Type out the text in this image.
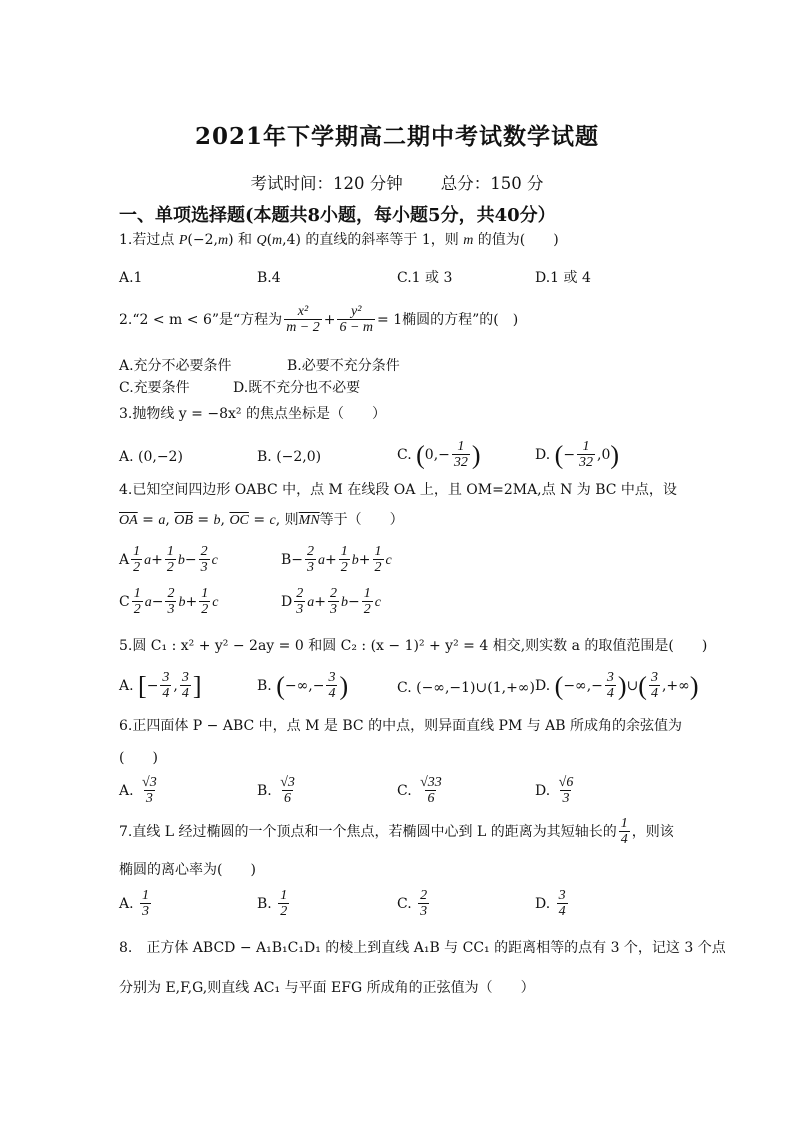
2021年下学期高二期中考试数学试题
考试时间：120 分钟 总分：150 分
一、单项选择题(本题共8小题，每小题5分，共40分）
1.若过点 P(−2,m) 和 Q(m,4) 的直线的斜率等于 1，则 m 的值为(　　)
A.1	B.4	C.1 或 3	D.1 或 4
2.“2 < m < 6”是“方程为 $\frac{\text{x²}}{m - 2} + \frac{\text{y²}}{6 - m} = 1$椭圆的方程”的(　)
A.充分不必要条件	B.必要不充分条件
C.充要条件	D.既不充分也不必要
3.抛物线 y = −8x² 的焦点坐标是（　　）
A. (0,−2)	B. (−2,0)	C. ($0,- \frac{1}{32}$ )	D. (− $\frac{1}{32} ,0$)
4.已知空间四边形 OABC 中，点 M 在线段 OA 上，且 OM=2MA,点 N 为 BC 中点，设
$\overline{OA} = a$, $\overline{OB} = b$, $\overline{OC} = c$, 则$\overline{MN}$等于（　　）
A $\frac{1}{2} a+ \frac{1}{2} b- \frac{2}{3}$ c	$B- \frac{2}{3} a+ \frac{1}{2} b+ \frac{1}{2}$ c
C $\frac{1}{2} a- \frac{2}{3} b+ \frac{1}{2}$ c	D $\frac{2}{3} a+ \frac{2}{3} b- \frac{1}{2}$ c
5.圆 C₁ : x² + y² − 2ay = 0 和圆 C₂ : (x − 1)² + y² = 4 相交,则实数 a 的取值范围是(　　)
A. [− $\frac{3}{4}$ , $\frac{3}{4}$ ]	B. (−∞,− $\frac{3}{4}$ )	C. (−∞,−1)∪(1,+∞) D. (−∞,− $\frac{3}{4}$ )∪( $\frac{3}{4}$ ,+∞)
6.正四面体 P − ABC 中，点 M 是 BC 的中点，则异面直线 PM 与 AB 所成角的余弦值为
(　　)
A. $\frac{√3}{3}$	B. $\frac{√3}{6}$	C. $\frac{√33}{6}$	D. $\frac{√6}{3}$
7.直线 L 经过椭圆的一个顶点和一个焦点，若椭圆中心到 L 的距离为其短轴长的 $\frac{1}{4}$ ，则该
椭圆的离心率为(　　)
A. $\frac{1}{3}$	B. $\frac{1}{2}$	C. $\frac{2}{3}$	D. $\frac{3}{4}$
8.　正方体 ABCD − A₁B₁C₁D₁ 的棱上到直线 A₁B 与 CC₁ 的距离相等的点有 3 个，记这 3 个点
分别为 E,F,G,则直线 AC₁ 与平面 EFG 所成角的正弦值为（　　）
